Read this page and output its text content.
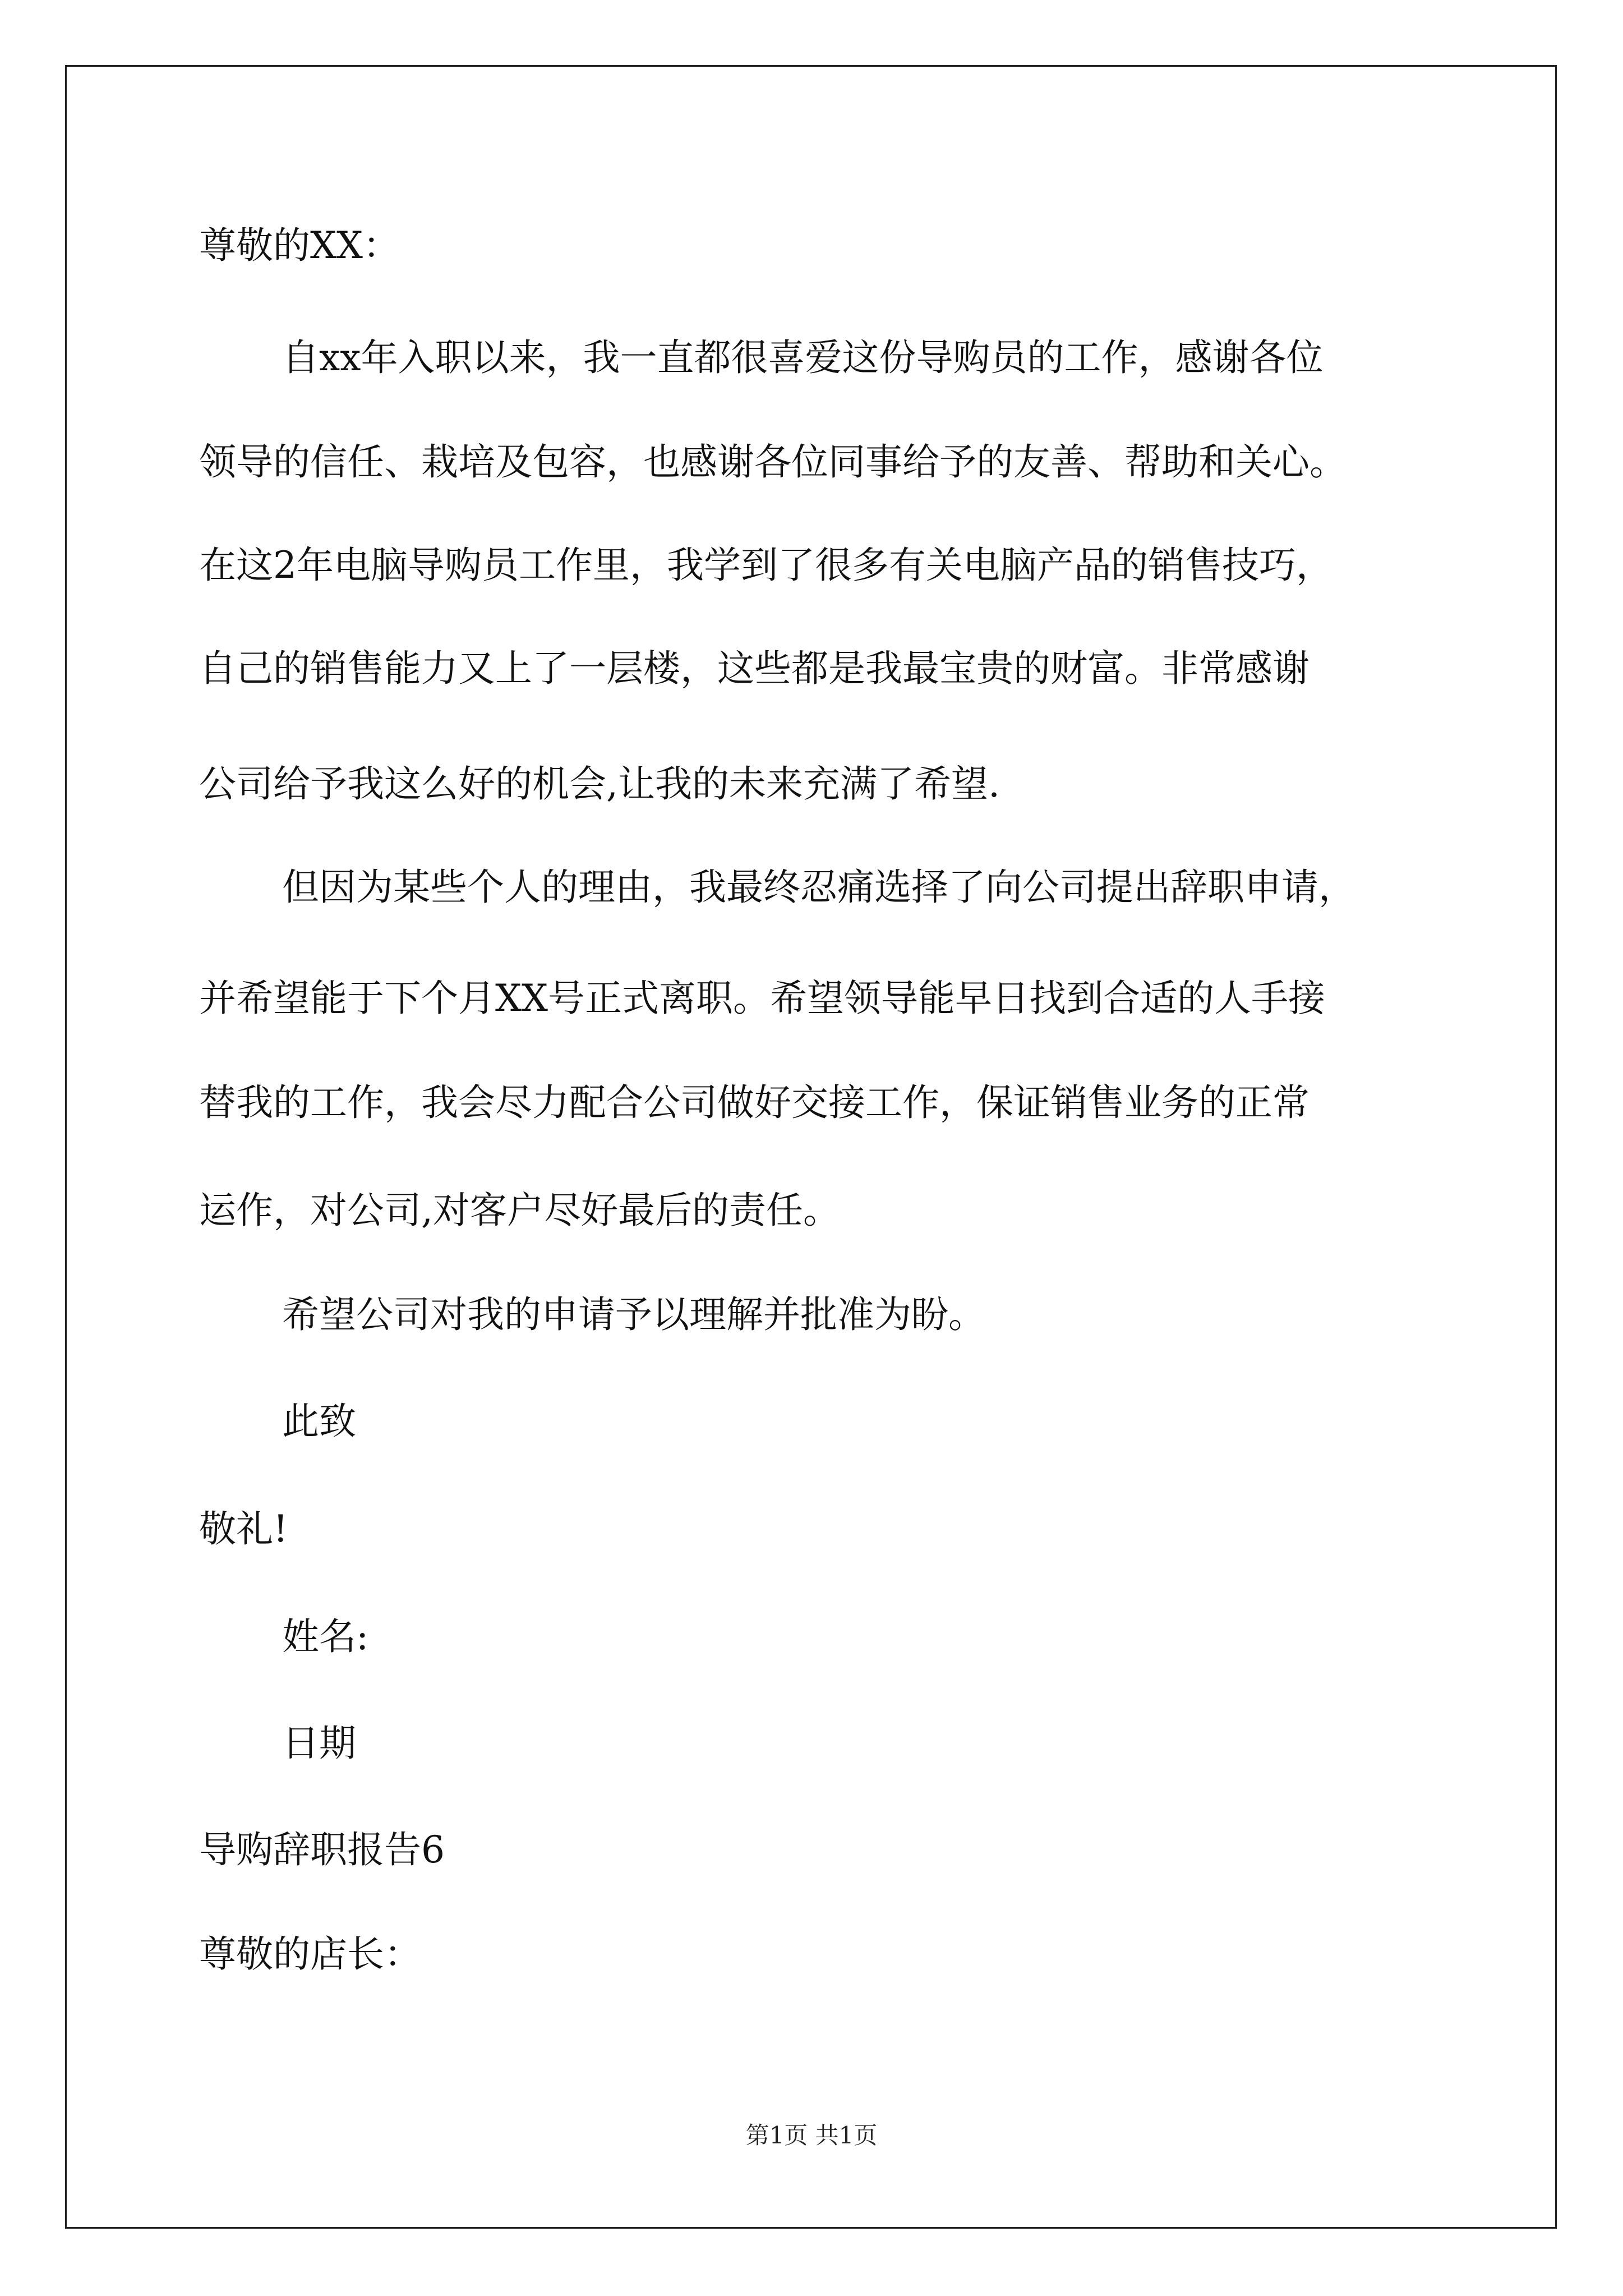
尊敬的XX：
自xx年入职以来，我一直都很喜爱这份导购员的工作，感谢各位
领导的信任、栽培及包容，也感谢各位同事给予的友善、帮助和关心。
在这2年电脑导购员工作里，我学到了很多有关电脑产品的销售技巧，
自己的销售能力又上了一层楼，这些都是我最宝贵的财富。非常感谢
公司给予我这么好的机会,让我的未来充满了希望.
但因为某些个人的理由，我最终忍痛选择了向公司提出辞职申请，
并希望能于下个月XX号正式离职。希望领导能早日找到合适的人手接
替我的工作，我会尽力配合公司做好交接工作，保证销售业务的正常
运作，对公司,对客户尽好最后的责任。
希望公司对我的申请予以理解并批准为盼。
此致
敬礼!
姓名:
日期
导购辞职报告6
尊敬的店长：
第1页 共1页
